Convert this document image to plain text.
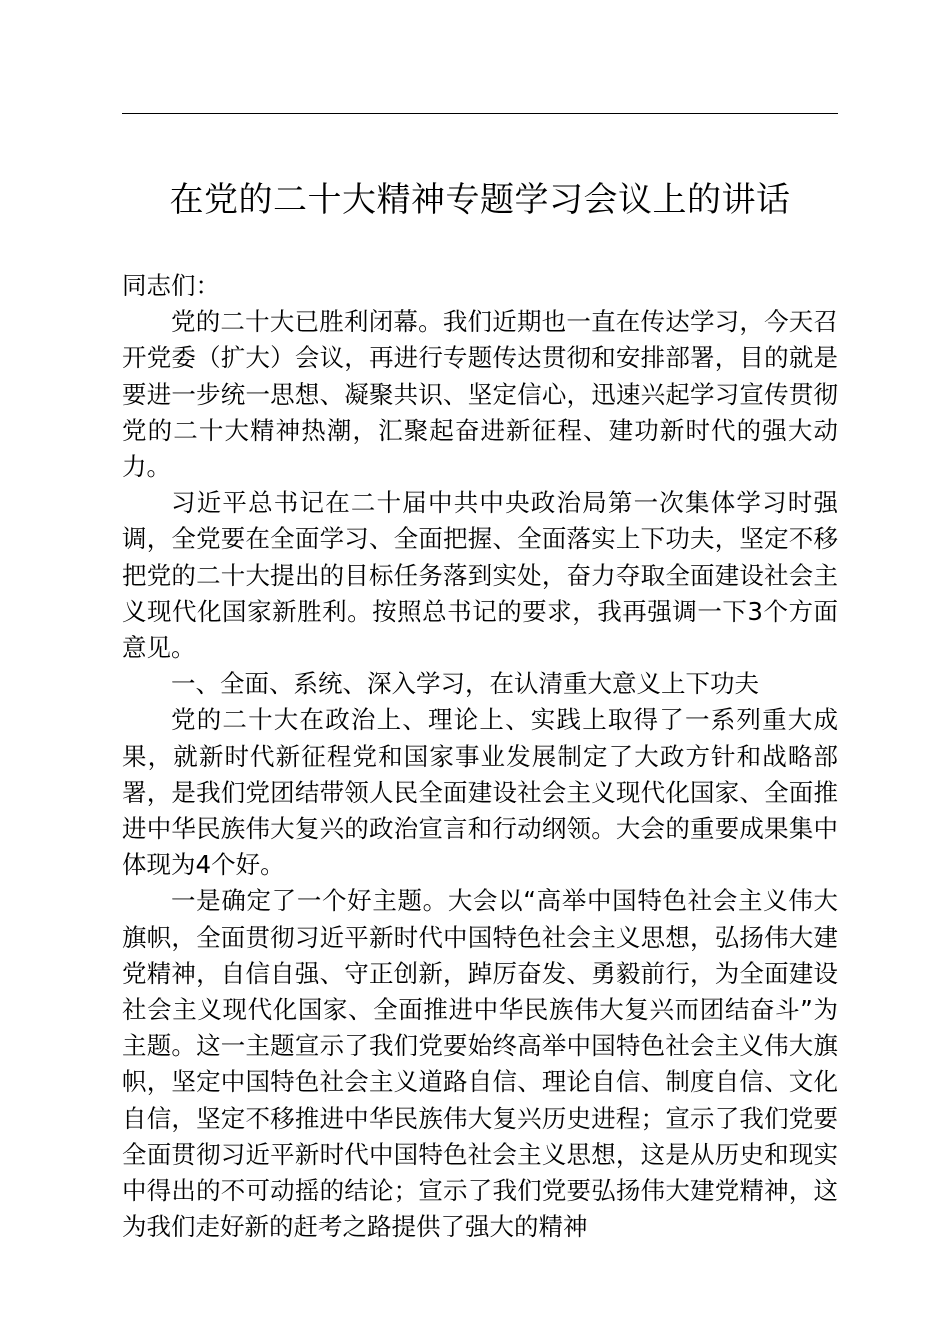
在党的二十大精神专题学习会议上的讲话

同志们：

党的二十大已胜利闭幕。我们近期也一直在传达学习，今天召开党委（扩大）会议，再进行专题传达贯彻和安排部署，目的就是要进一步统一思想、凝聚共识、坚定信心，迅速兴起学习宣传贯彻党的二十大精神热潮，汇聚起奋进新征程、建功新时代的强大动力。

习近平总书记在二十届中共中央政治局第一次集体学习时强调，全党要在全面学习、全面把握、全面落实上下功夫，坚定不移把党的二十大提出的目标任务落到实处，奋力夺取全面建设社会主义现代化国家新胜利。按照总书记的要求，我再强调一下3个方面意见。

一、全面、系统、深入学习，在认清重大意义上下功夫

党的二十大在政治上、理论上、实践上取得了一系列重大成果，就新时代新征程党和国家事业发展制定了大政方针和战略部署，是我们党团结带领人民全面建设社会主义现代化国家、全面推进中华民族伟大复兴的政治宣言和行动纲领。大会的重要成果集中体现为4个好。

一是确定了一个好主题。大会以“高举中国特色社会主义伟大旗帜，全面贯彻习近平新时代中国特色社会主义思想，弘扬伟大建党精神，自信自强、守正创新，踔厉奋发、勇毅前行，为全面建设社会主义现代化国家、全面推进中华民族伟大复兴而团结奋斗”为主题。这一主题宣示了我们党要始终高举中国特色社会主义伟大旗帜，坚定中国特色社会主义道路自信、理论自信、制度自信、文化自信，坚定不移推进中华民族伟大复兴历史进程；宣示了我们党要全面贯彻习近平新时代中国特色社会主义思想，这是从历史和现实中得出的不可动摇的结论；宣示了我们党要弘扬伟大建党精神，这为我们走好新的赶考之路提供了强大的精神
